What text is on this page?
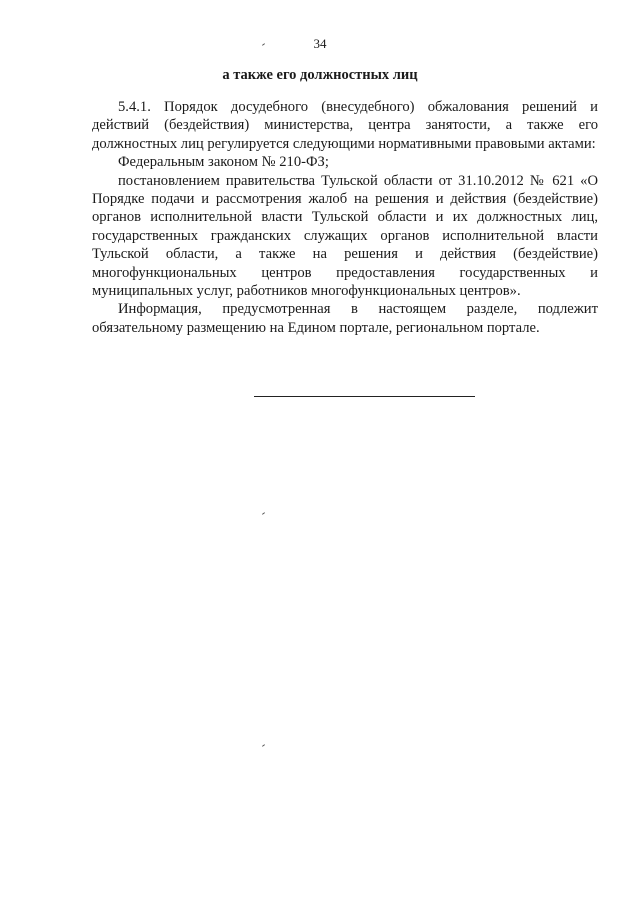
34
а также его должностных лиц

5.4.1. Порядок досудебного (внесудебного) обжалования решений и действий (бездействия) министерства, центра занятости, а также его должностных лиц регулируется следующими нормативными правовыми актами:

Федеральным законом № 210-ФЗ;

постановлением правительства Тульской области от 31.10.2012 № 621 «О Порядке подачи и рассмотрения жалоб на решения и действия (бездействие) органов исполнительной власти Тульской области и их должностных лиц, государственных гражданских служащих органов исполнительной власти Тульской области, а также на решения и действия (бездействие) многофункциональных центров предоставления государственных и муниципальных услуг, работников многофункциональных центров».

Информация, предусмотренная в настоящем разделе, подлежит обязательному размещению на Едином портале, региональном портале.
